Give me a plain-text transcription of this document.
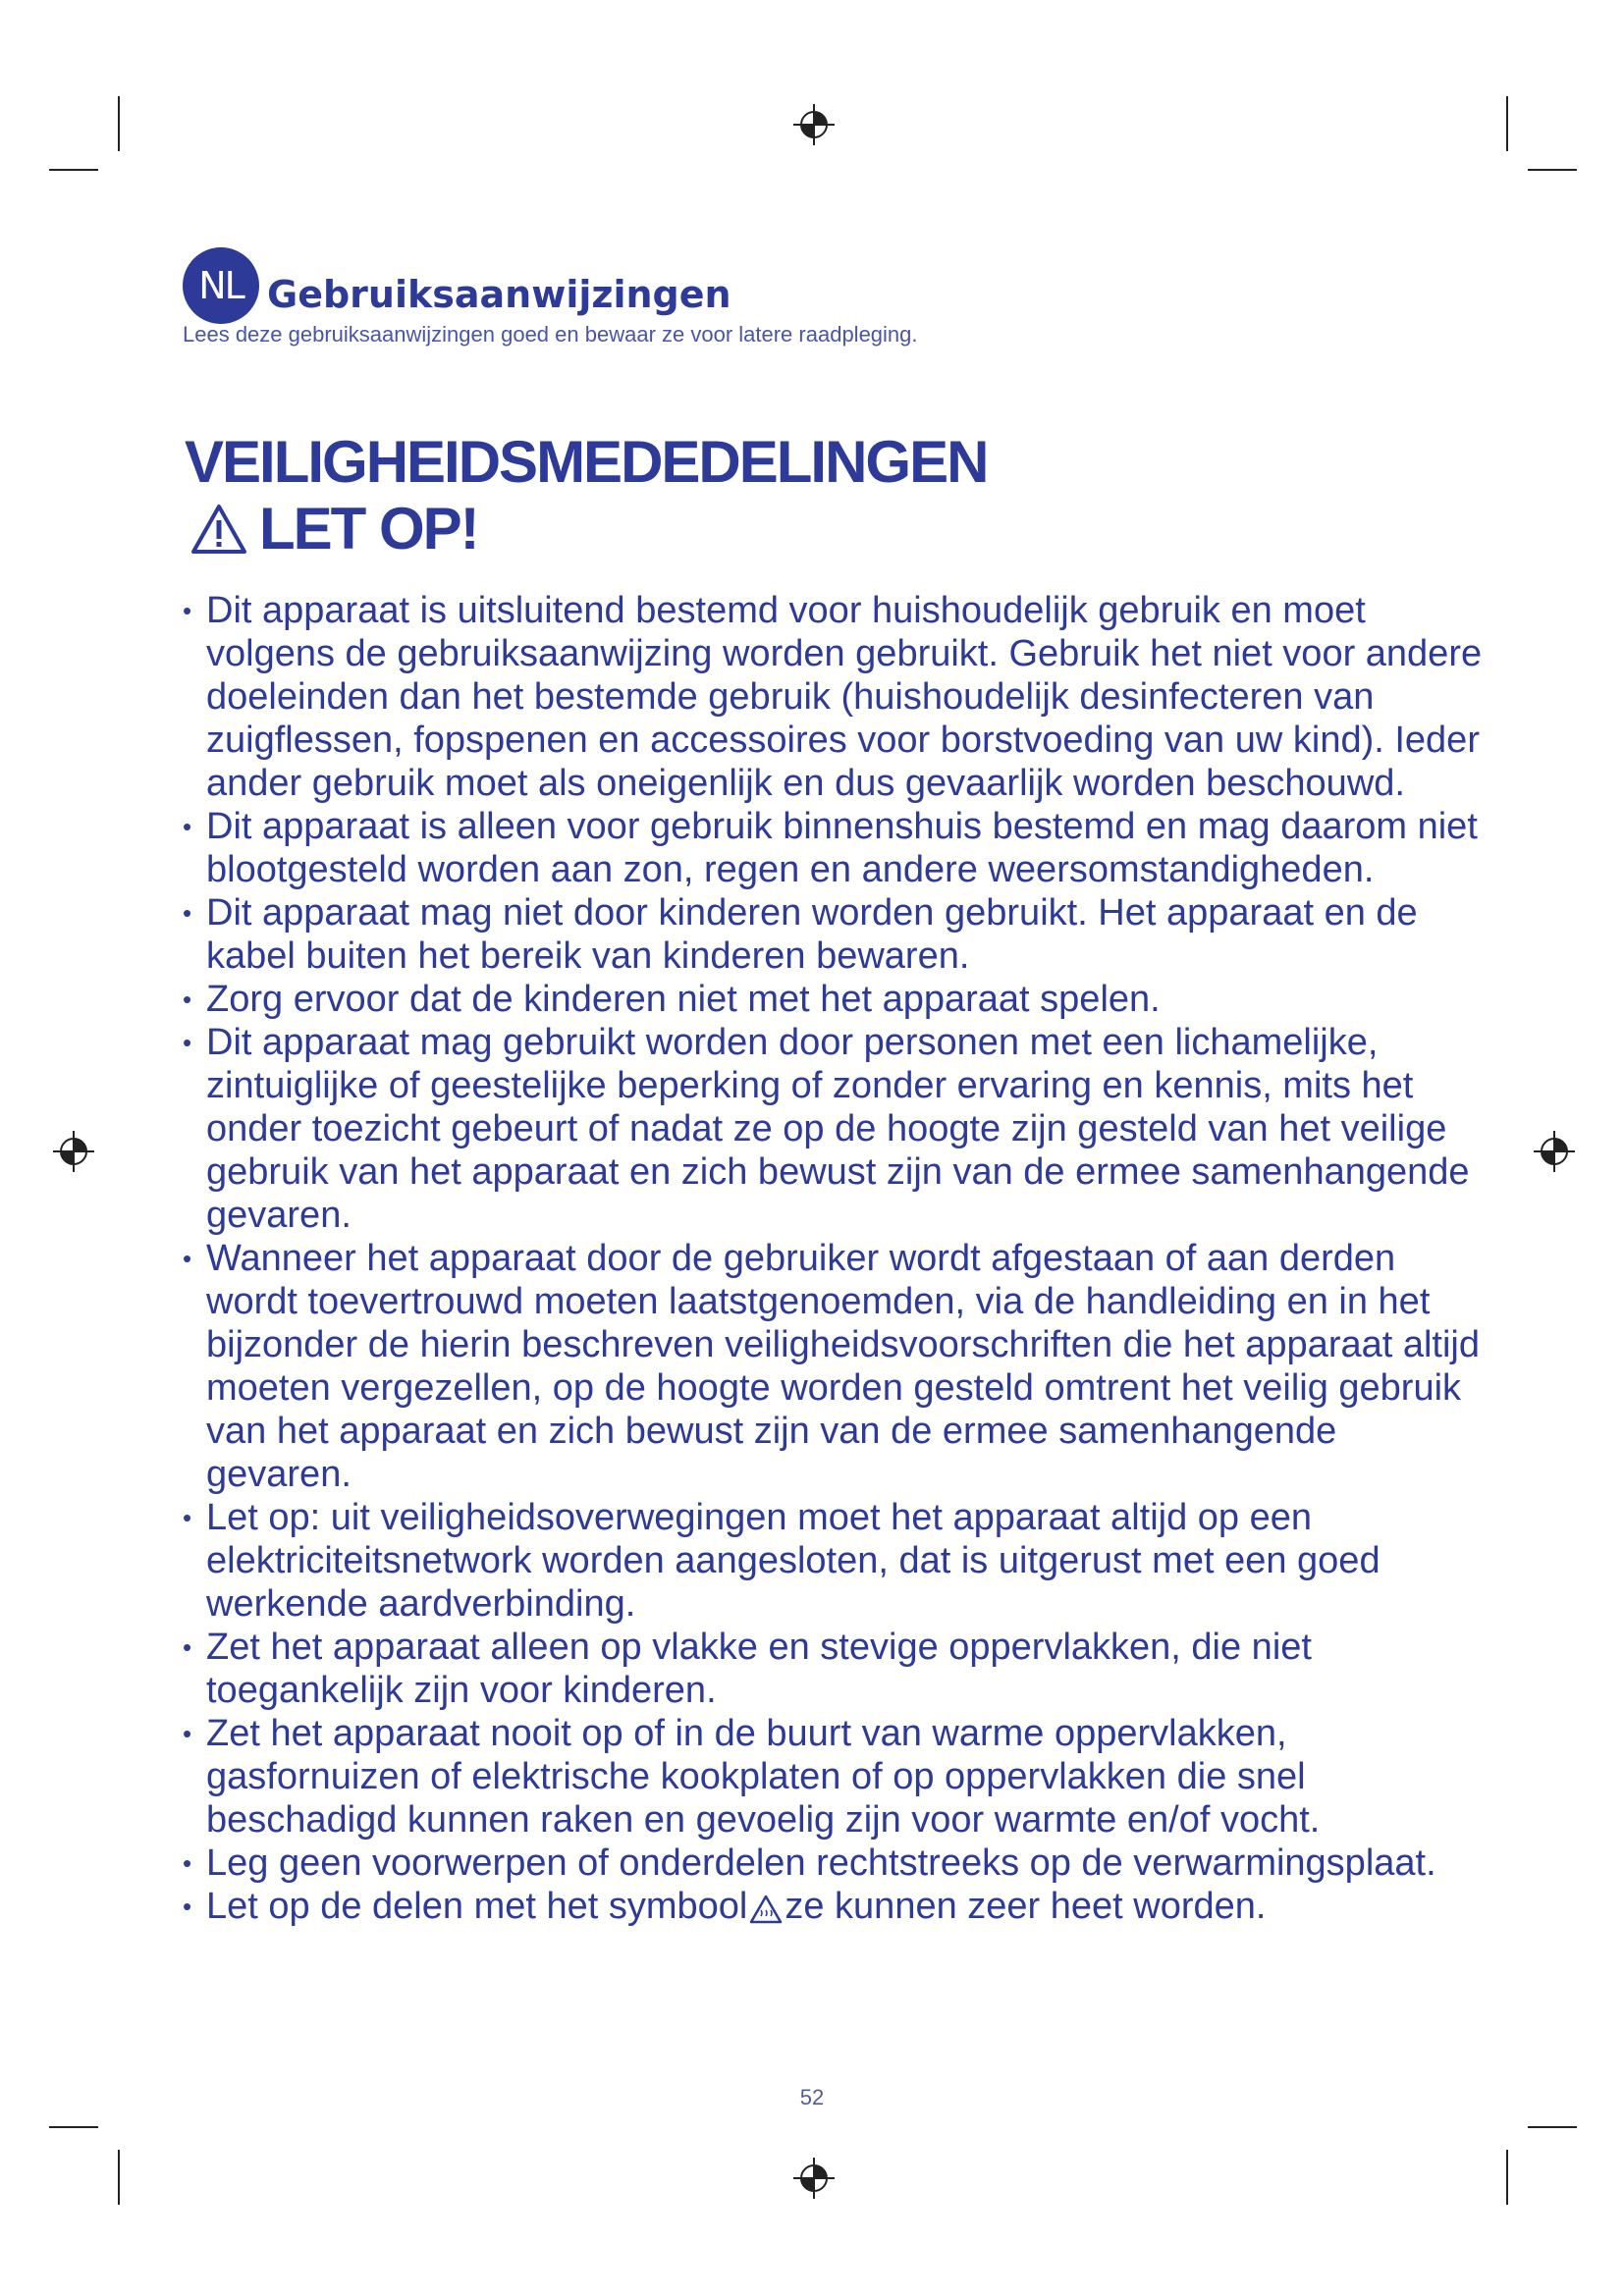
NL Gebruiksaanwijzingen
Lees deze gebruiksaanwijzingen goed en bewaar ze voor latere raadpleging.
VEILIGHEIDSMEDEDELINGEN
LET OP!
• Dit apparaat is uitsluitend bestemd voor huishoudelijk gebruik en moet volgens de gebruiksaanwijzing worden gebruikt. Gebruik het niet voor andere doeleinden dan het bestemde gebruik (huishoudelijk desinfecteren van zuigflessen, fopspenen en accessoires voor borstvoeding van uw kind). Ieder ander gebruik moet als oneigenlijk en dus gevaarlijk worden beschouwd.
• Dit apparaat is alleen voor gebruik binnenshuis bestemd en mag daarom niet blootgesteld worden aan zon, regen en andere weersomstandigheden.
• Dit apparaat mag niet door kinderen worden gebruikt. Het apparaat en de kabel buiten het bereik van kinderen bewaren.
• Zorg ervoor dat de kinderen niet met het apparaat spelen.
• Dit apparaat mag gebruikt worden door personen met een lichamelijke, zintuiglijke of geestelijke beperking of zonder ervaring en kennis, mits het onder toezicht gebeurt of nadat ze op de hoogte zijn gesteld van het veilige gebruik van het apparaat en zich bewust zijn van de ermee samenhangende gevaren.
• Wanneer het apparaat door de gebruiker wordt afgestaan of aan derden wordt toevertrouwd moeten laatstgenoemden, via de handleiding en in het bijzonder de hierin beschreven veiligheidsvoorschriften die het apparaat altijd moeten vergezellen, op de hoogte worden gesteld omtrent het veilig gebruik van het apparaat en zich bewust zijn van de ermee samenhangende gevaren.
• Let op: uit veiligheidsoverwegingen moet het apparaat altijd op een elektriciteitsnetwork worden aangesloten, dat is uitgerust met een goed werkende aardverbinding.
• Zet het apparaat alleen op vlakke en stevige oppervlakken, die niet toegankelijk zijn voor kinderen.
• Zet het apparaat nooit op of in de buurt van warme oppervlakken, gasfornuizen of elektrische kookplaten of op oppervlakken die snel beschadigd kunnen raken en gevoelig zijn voor warmte en/of vocht.
• Leg geen voorwerpen of onderdelen rechtstreeks op de verwarmingsplaat.
• Let op de delen met het symbool ze kunnen zeer heet worden.
52
